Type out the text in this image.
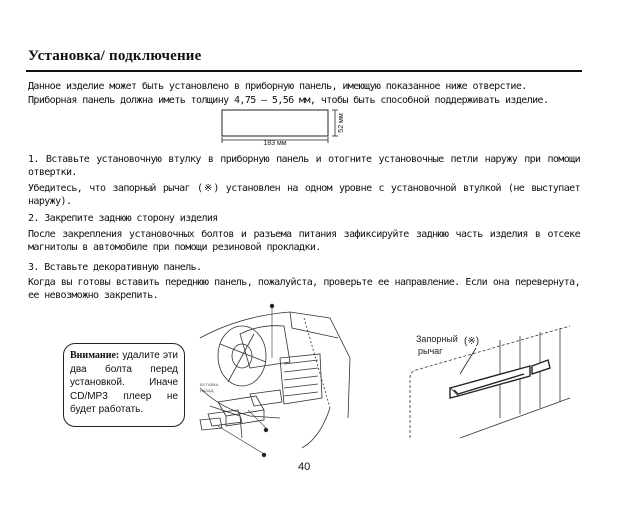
Установка/ подключение
Данное изделие может быть установлено в приборную панель, имеющую показанное ниже отверстие.
Приборная панель должна иметь толщину 4,75 – 5,56 мм, чтобы быть способной поддерживать изделие.
183 мм
52 мм
1. Вставьте установочную втулку в приборную панель и отогните установочные петли наружу при помощи отвертки.
Убедитесь, что запорный рычаг (※) установлен на одном уровне с установочной втулкой (не выступает наружу).
2. Закрепите заднюю сторону изделия
После закрепления установочных болтов и разъема питания зафиксируйте заднюю часть изделия в отсеке магнитолы в автомобиле при помощи резиновой прокладки.
3. Вставьте декоративную панель.
Когда вы готовы вставить переднюю панель, пожалуйста, проверьте ее направление. Если она перевернута, ее невозможно закрепить.
ВЗ ГАЙКА
НАЗАД
Внимание: удалите эти два болта перед установкой. Иначе CD/MP3 плеер не будет работать.
Запорный
рычаг
(※)
40
